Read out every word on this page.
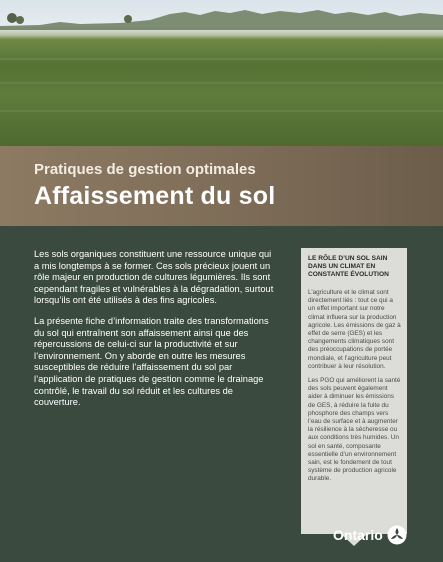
Pratiques de gestion optimales
Affaissement du sol

Les sols organiques constituent une ressource unique qui a mis longtemps à se former. Ces sols précieux jouent un rôle majeur en production de cultures légumières. Ils sont cependant fragiles et vulnérables à la dégradation, surtout lorsqu’ils ont été utilisés à des fins agricoles.

La présente fiche d’information traite des transformations du sol qui entraînent son affaissement ainsi que des répercussions de celui-ci sur la productivité et sur l’environnement. On y aborde en outre les mesures susceptibles de réduire l’affaissement du sol par l’application de pratiques de gestion comme le drainage contrôlé, le travail du sol réduit et les cultures de couverture.

LE RÔLE D’UN SOL SAIN DANS UN CLIMAT EN CONSTANTE ÉVOLUTION

L’agriculture et le climat sont directement liés : tout ce qui a un effet important sur notre climat influera sur la production agricole. Les émissions de gaz à effet de serre (GES) et les changements climatiques sont des préoccupations de portée mondiale, et l’agriculture peut contribuer à leur résolution.

Les PGO qui améliorent la santé des sols peuvent également aider à diminuer les émissions de GES, à réduire la fuite du phosphore des champs vers l’eau de surface et à augmenter la résilience à la sécheresse ou aux conditions très humides. Un sol en santé, composante essentielle d’un environnement sain, est le fondement de tout système de production agricole durable.

Ontario
